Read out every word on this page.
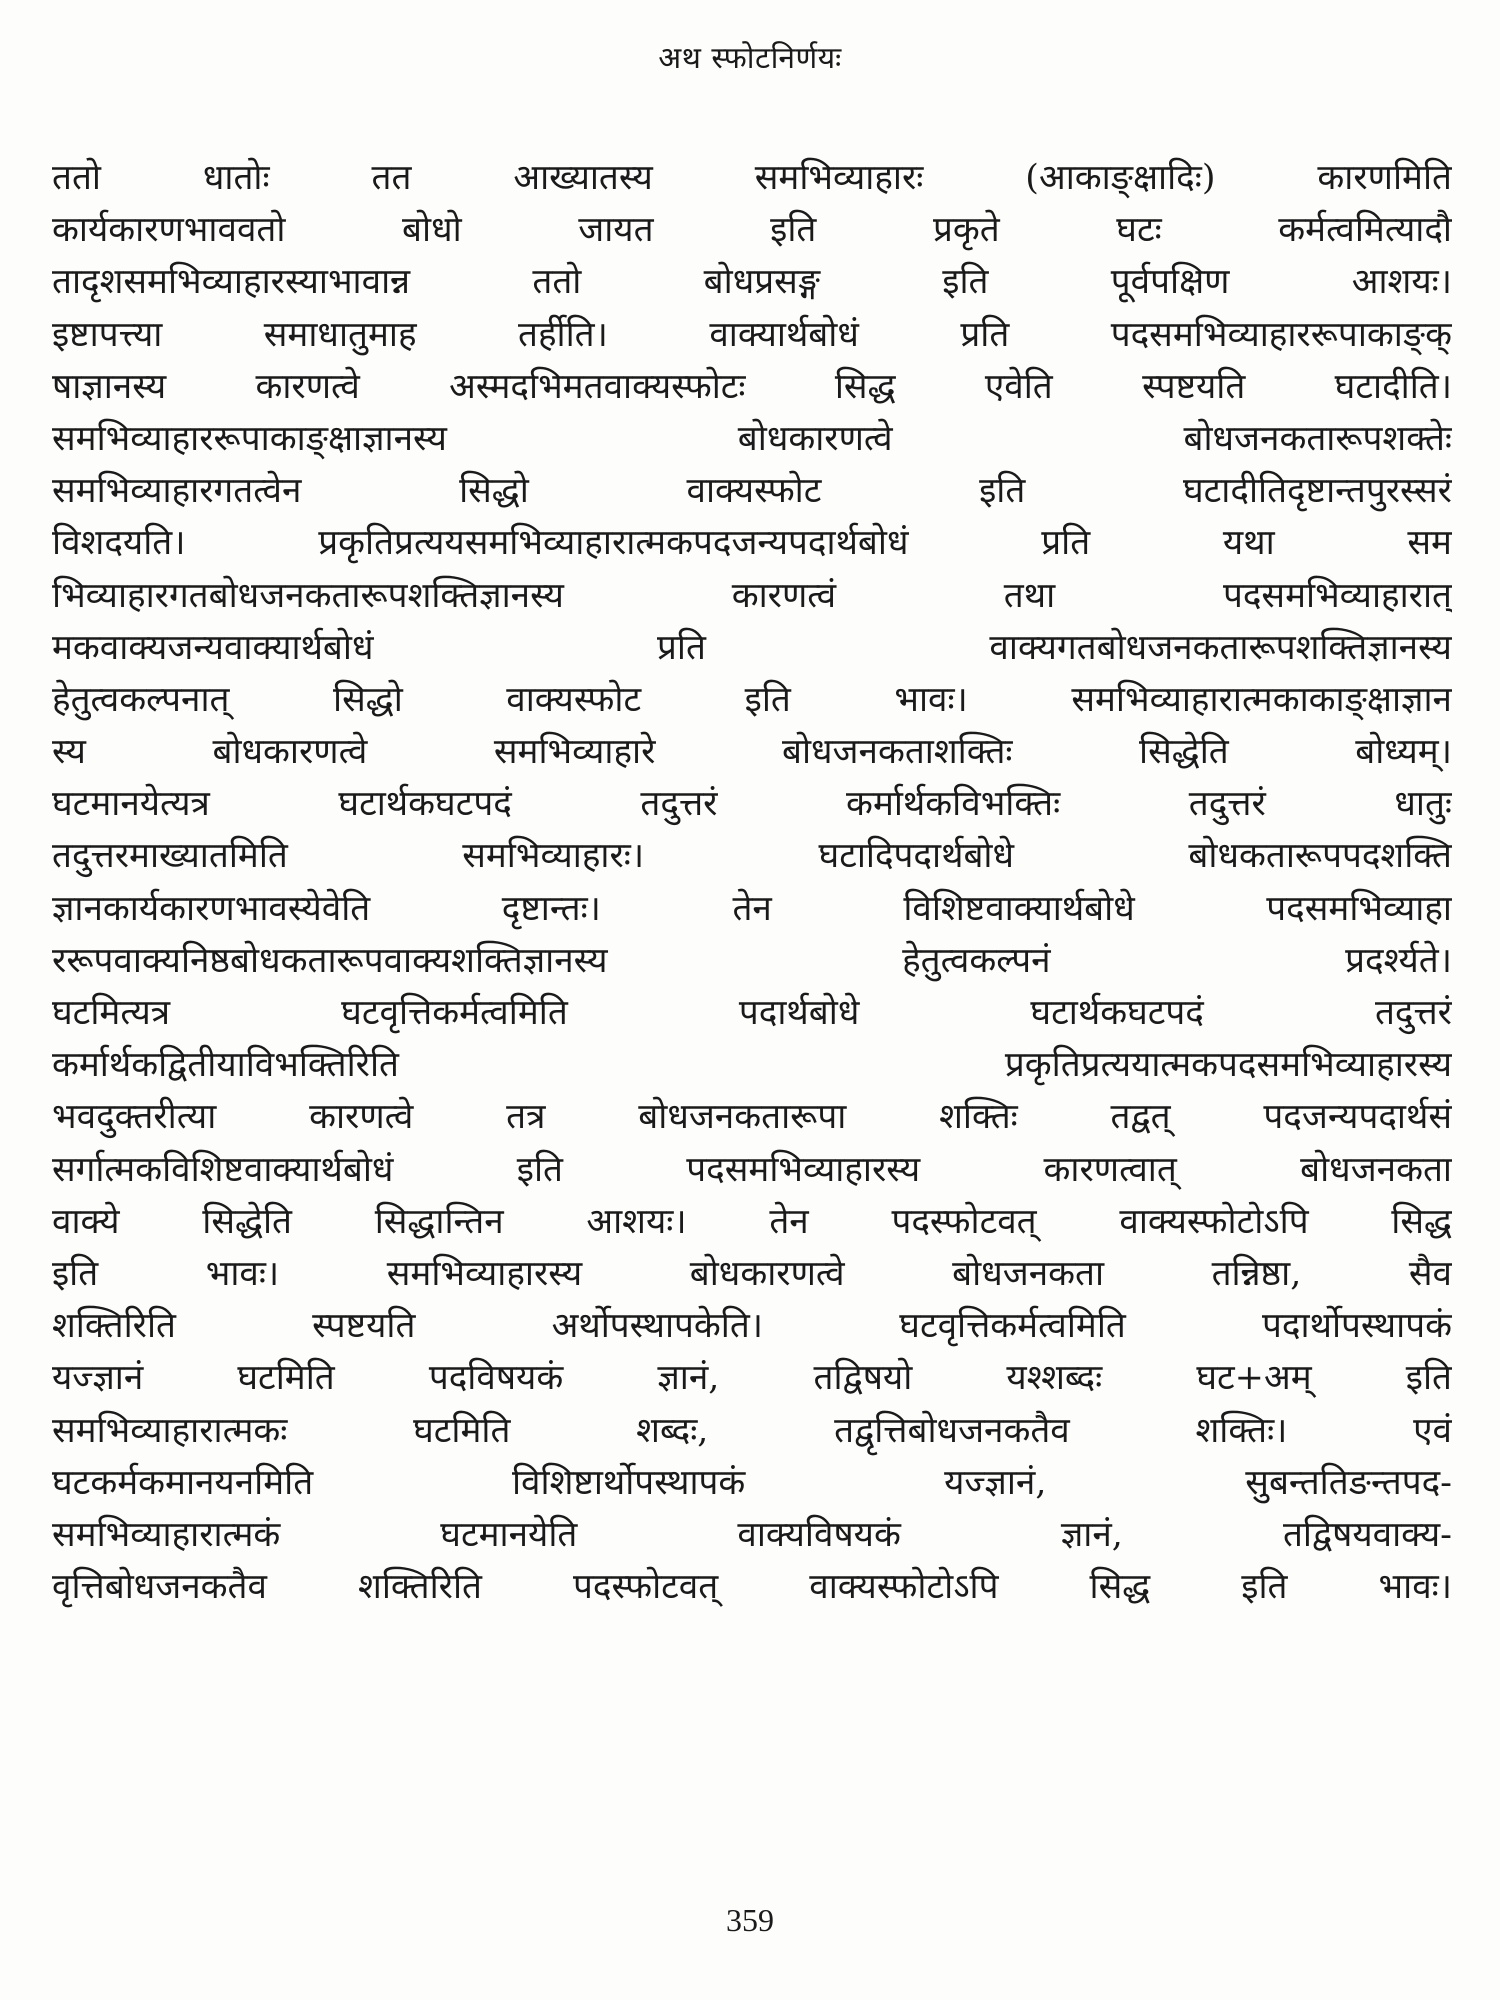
अथ स्फोटनिर्णयः
ततो धातोः तत आख्यातस्य समभिव्याहारः (आकाङ्क्षादिः) कारणमिति
कार्यकारणभाववतो बोधो जायत इति प्रकृते घटः कर्मत्वमित्यादौ
तादृशसमभिव्याहारस्याभावान्न ततो बोधप्रसङ्ग इति पूर्वपक्षिण आशयः।
इष्टापत्त्या समाधातुमाह तर्हीति। वाक्यार्थबोधं प्रति पदसमभिव्याहाररूपाकाङ्क्
षाज्ञानस्य कारणत्वे अस्मदभिमतवाक्यस्फोटः सिद्ध एवेति स्पष्टयति घटादीति।
समभिव्याहाररूपाकाङ्क्षाज्ञानस्य बोधकारणत्वे बोधजनकतारूपशक्तेः
समभिव्याहारगतत्वेन सिद्धो वाक्यस्फोट इति घटादीतिदृष्टान्तपुरस्सरं
विशदयति। प्रकृतिप्रत्ययसमभिव्याहारात्मकपदजन्यपदार्थबोधं प्रति यथा सम
भिव्याहारगतबोधजनकतारूपशक्तिज्ञानस्य कारणत्वं तथा पदसमभिव्याहारात्
मकवाक्यजन्यवाक्यार्थबोधं प्रति वाक्यगतबोधजनकतारूपशक्तिज्ञानस्य
हेतुत्वकल्पनात् सिद्धो वाक्यस्फोट इति भावः। समभिव्याहारात्मकाकाङ्क्षाज्ञान
स्य बोधकारणत्वे समभिव्याहारे बोधजनकताशक्तिः सिद्धेति बोध्यम्।
घटमानयेत्यत्र घटार्थकघटपदं तदुत्तरं कर्मार्थकविभक्तिः तदुत्तरं धातुः
तदुत्तरमाख्यातमिति समभिव्याहारः। घटादिपदार्थबोधे बोधकतारूपपदशक्ति
ज्ञानकार्यकारणभावस्येवेति दृष्टान्तः। तेन विशिष्टवाक्यार्थबोधे पदसमभिव्याहा
ररूपवाक्यनिष्ठबोधकतारूपवाक्यशक्तिज्ञानस्य हेतुत्वकल्पनं प्रदर्श्यते।
घटमित्यत्र घटवृत्तिकर्मत्वमिति पदार्थबोधे घटार्थकघटपदं तदुत्तरं
कर्मार्थकद्वितीयाविभक्तिरिति प्रकृतिप्रत्ययात्मकपदसमभिव्याहारस्य
भवदुक्तरीत्या कारणत्वे तत्र बोधजनकतारूपा शक्तिः तद्वत् पदजन्यपदार्थसं
सर्गात्मकविशिष्टवाक्यार्थबोधं इति पदसमभिव्याहारस्य कारणत्वात् बोधजनकता
वाक्ये सिद्धेति सिद्धान्तिन आशयः। तेन पदस्फोटवत् वाक्यस्फोटोऽपि सिद्ध
इति भावः। समभिव्याहारस्य बोधकारणत्वे बोधजनकता तन्निष्ठा, सैव
शक्तिरिति स्पष्टयति अर्थोपस्थापकेति। घटवृत्तिकर्मत्वमिति पदार्थोपस्थापकं
यज्ज्ञानं घटमिति पदविषयकं ज्ञानं, तद्विषयो यश्शब्दः घट+अम् इति
समभिव्याहारात्मकः घटमिति शब्दः, तद्वृत्तिबोधजनकतैव शक्तिः। एवं
घटकर्मकमानयनमिति विशिष्टार्थोपस्थापकं यज्ज्ञानं, सुबन्ततिङन्तपद-
समभिव्याहारात्मकं घटमानयेति वाक्यविषयकं ज्ञानं, तद्विषयवाक्य-
वृत्तिबोधजनकतैव शक्तिरिति पदस्फोटवत् वाक्यस्फोटोऽपि सिद्ध इति भावः।
359
